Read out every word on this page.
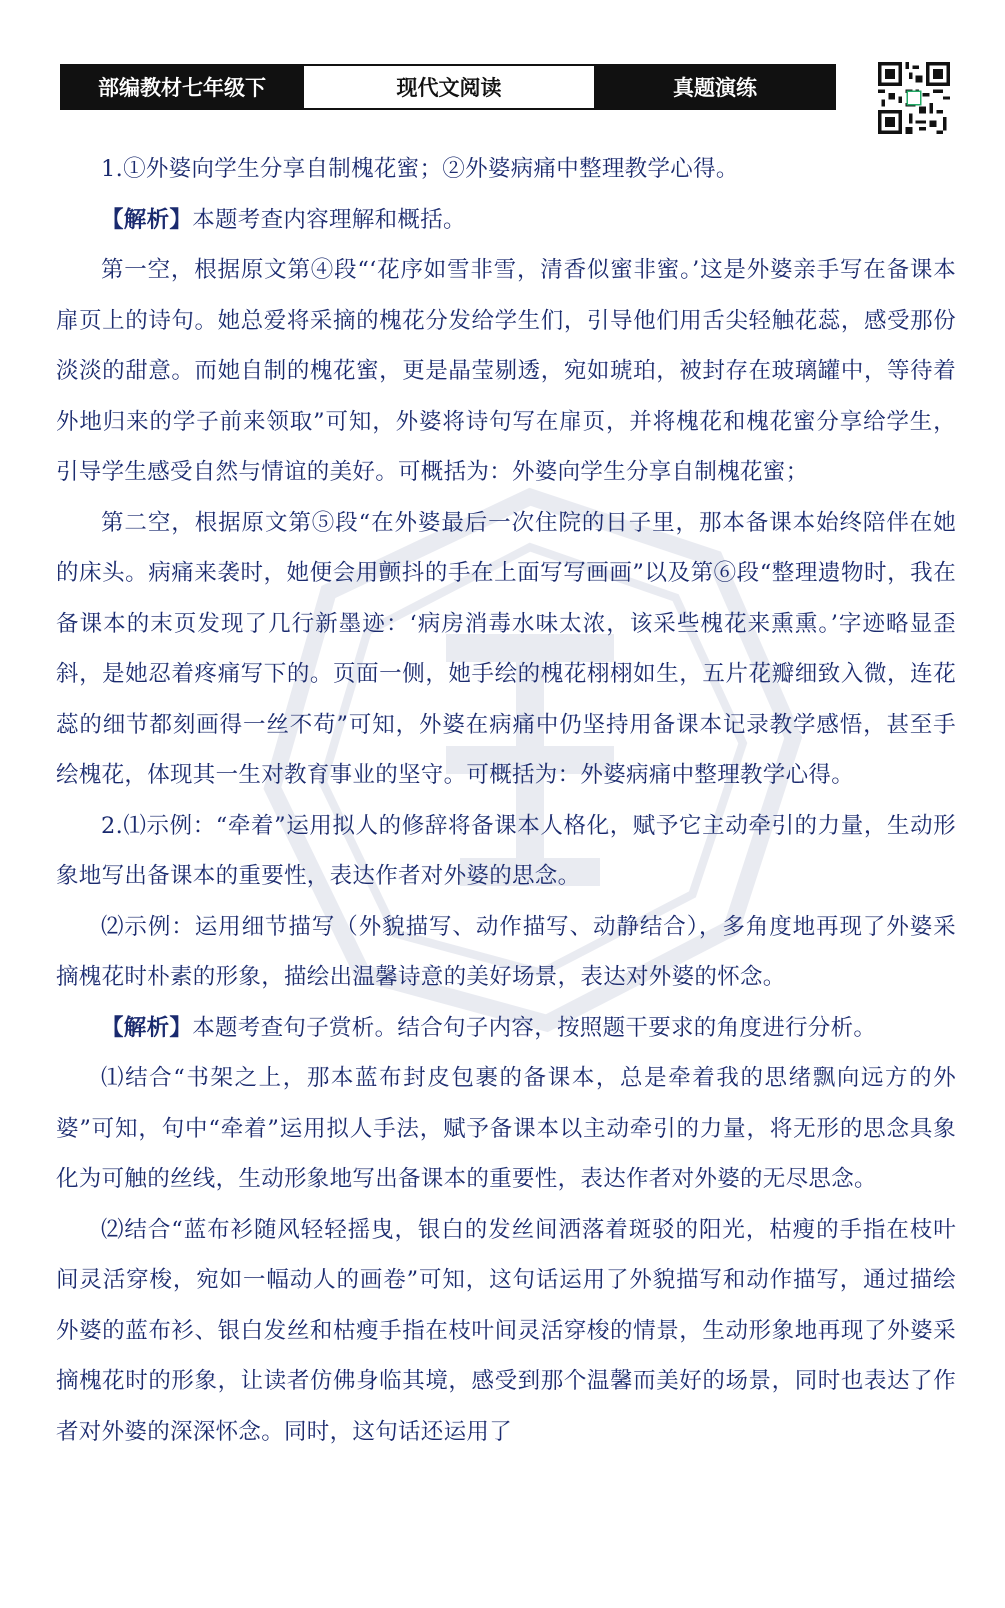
部编教材七年级下	现代文阅读	真题演练

1.①外婆向学生分享自制槐花蜜；②外婆病痛中整理教学心得。

【解析】本题考查内容理解和概括。

第一空，根据原文第④段“‘花序如雪非雪，清香似蜜非蜜。’这是外婆亲手写在备课本扉页上的诗句。她总爱将采摘的槐花分发给学生们，引导他们用舌尖轻触花蕊，感受那份淡淡的甜意。而她自制的槐花蜜，更是晶莹剔透，宛如琥珀，被封存在玻璃罐中，等待着外地归来的学子前来领取”可知，外婆将诗句写在扉页，并将槐花和槐花蜜分享给学生，引导学生感受自然与情谊的美好。可概括为：外婆向学生分享自制槐花蜜；

第二空，根据原文第⑤段“在外婆最后一次住院的日子里，那本备课本始终陪伴在她的床头。病痛来袭时，她便会用颤抖的手在上面写写画画”以及第⑥段“整理遗物时，我在备课本的末页发现了几行新墨迹：‘病房消毒水味太浓，该采些槐花来熏熏。’字迹略显歪斜，是她忍着疼痛写下的。页面一侧，她手绘的槐花栩栩如生，五片花瓣细致入微，连花蕊的细节都刻画得一丝不苟”可知，外婆在病痛中仍坚持用备课本记录教学感悟，甚至手绘槐花，体现其一生对教育事业的坚守。可概括为：外婆病痛中整理教学心得。

2.⑴示例：“牵着”运用拟人的修辞将备课本人格化，赋予它主动牵引的力量，生动形象地写出备课本的重要性，表达作者对外婆的思念。

⑵示例：运用细节描写（外貌描写、动作描写、动静结合），多角度地再现了外婆采摘槐花时朴素的形象，描绘出温馨诗意的美好场景，表达对外婆的怀念。

【解析】本题考查句子赏析。结合句子内容，按照题干要求的角度进行分析。

⑴结合“书架之上，那本蓝布封皮包裹的备课本，总是牵着我的思绪飘向远方的外婆”可知，句中“牵着”运用拟人手法，赋予备课本以主动牵引的力量，将无形的思念具象化为可触的丝线，生动形象地写出备课本的重要性，表达作者对外婆的无尽思念。

⑵结合“蓝布衫随风轻轻摇曳，银白的发丝间洒落着斑驳的阳光，枯瘦的手指在枝叶间灵活穿梭，宛如一幅动人的画卷”可知，这句话运用了外貌描写和动作描写，通过描绘外婆的蓝布衫、银白发丝和枯瘦手指在枝叶间灵活穿梭的情景，生动形象地再现了外婆采摘槐花时的形象，让读者仿佛身临其境，感受到那个温馨而美好的场景，同时也表达了作者对外婆的深深怀念。同时，这句话还运用了
